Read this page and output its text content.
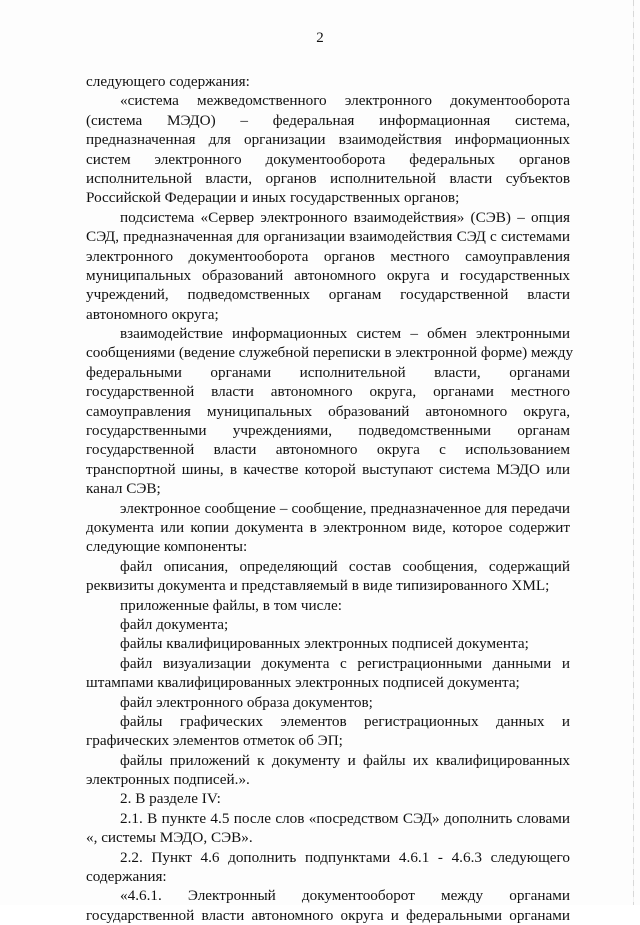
2
следующего содержания:
«система межведомственного электронного документооборота
(система МЭДО) – федеральная информационная система,
предназначенная для организации взаимодействия информационных
систем электронного документооборота федеральных органов
исполнительной власти, органов исполнительной власти субъектов
Российской Федерации и иных государственных органов;
подсистема «Сервер электронного взаимодействия» (СЭВ) – опция
СЭД, предназначенная для организации взаимодействия СЭД с системами
электронного документооборота органов местного самоуправления
муниципальных образований автономного округа и государственных
учреждений, подведомственных органам государственной власти
автономного округа;
взаимодействие информационных систем – обмен электронными
сообщениями (ведение служебной переписки в электронной форме) между
федеральными органами исполнительной власти, органами
государственной власти автономного округа, органами местного
самоуправления муниципальных образований автономного округа,
государственными учреждениями, подведомственными органам
государственной власти автономного округа с использованием
транспортной шины, в качестве которой выступают система МЭДО или
канал СЭВ;
электронное сообщение – сообщение, предназначенное для передачи
документа или копии документа в электронном виде, которое содержит
следующие компоненты:
файл описания, определяющий состав сообщения, содержащий
реквизиты документа и представляемый в виде типизированного XML;
приложенные файлы, в том числе:
файл документа;
файлы квалифицированных электронных подписей документа;
файл визуализации документа с регистрационными данными и
штампами квалифицированных электронных подписей документа;
файл электронного образа документов;
файлы графических элементов регистрационных данных и
графических элементов отметок об ЭП;
файлы приложений к документу и файлы их квалифицированных
электронных подписей.».
2. В разделе IV:
2.1. В пункте 4.5 после слов «посредством СЭД» дополнить словами
«, системы МЭДО, СЭВ».
2.2. Пункт 4.6 дополнить подпунктами 4.6.1 - 4.6.3 следующего
содержания:
«4.6.1. Электронный документооборот между органами
государственной власти автономного округа и федеральными органами
